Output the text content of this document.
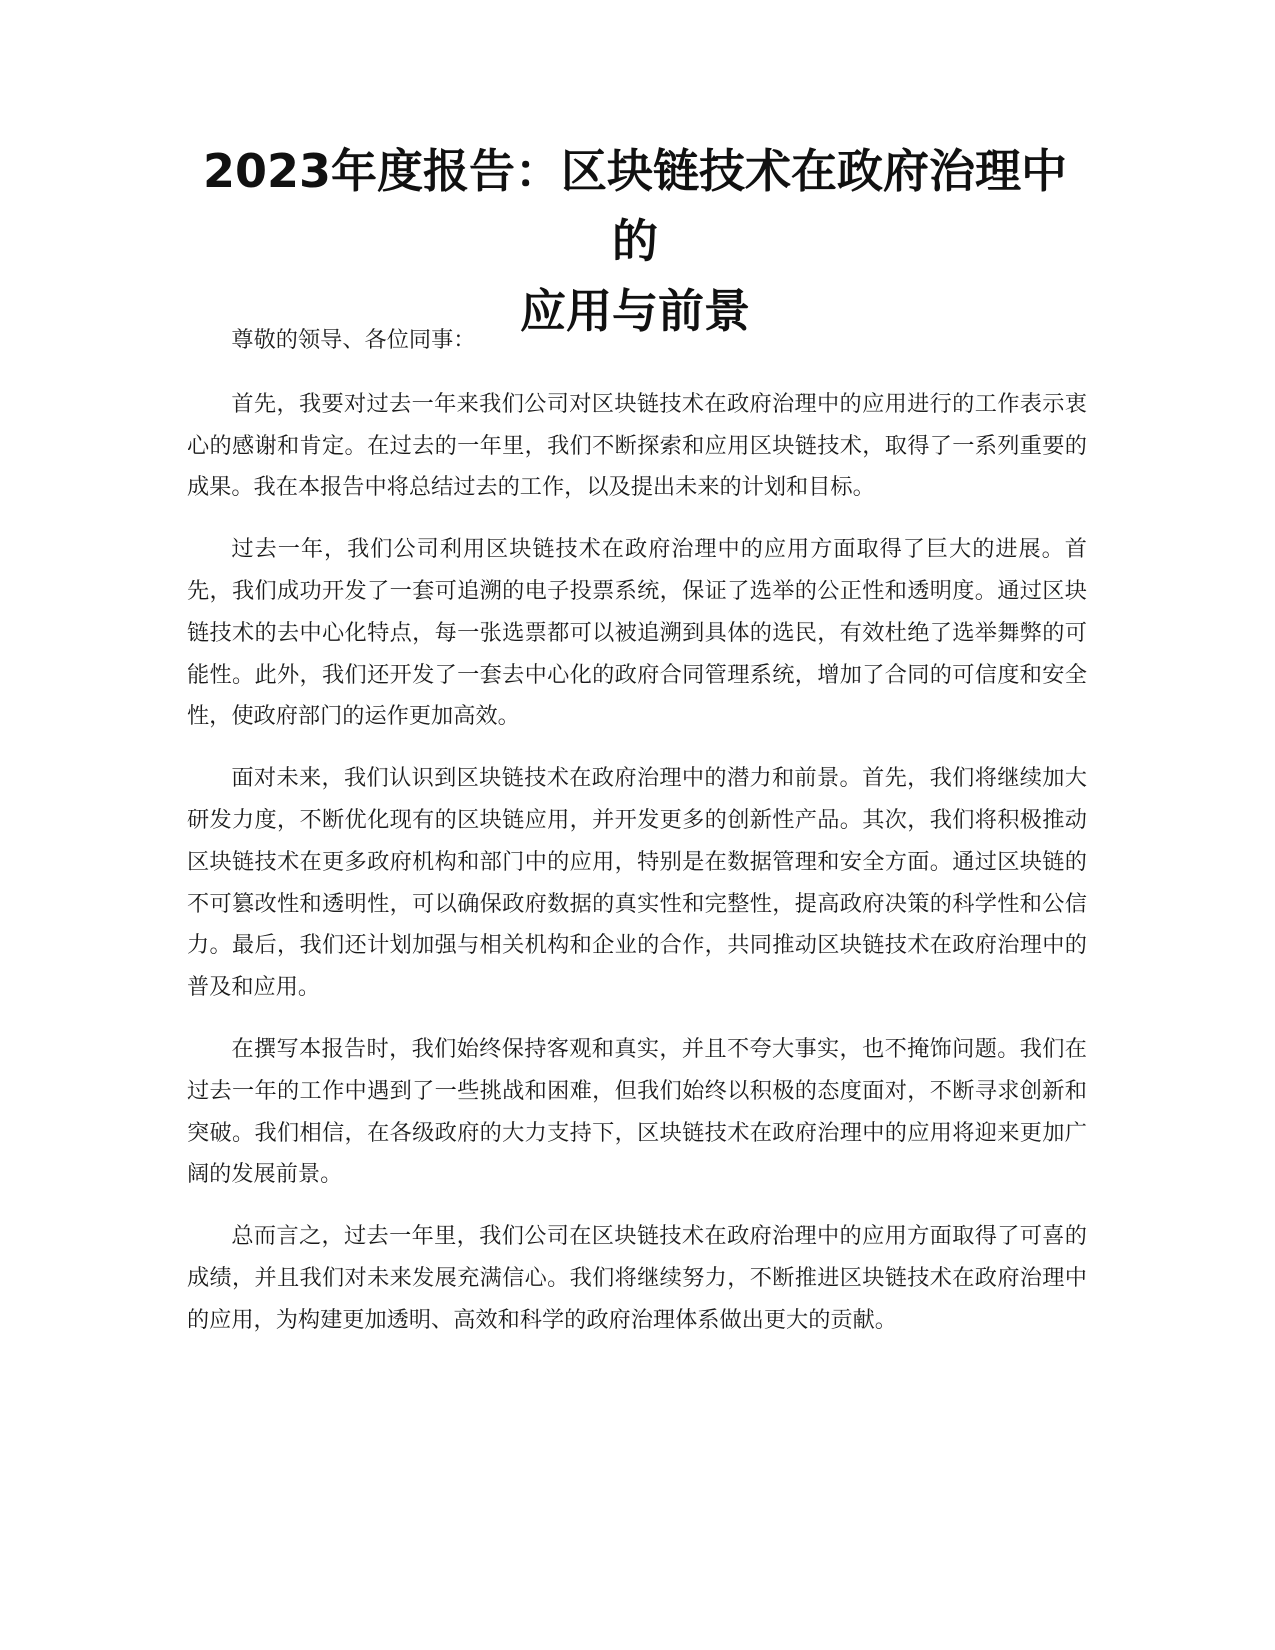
2023年度报告：区块链技术在政府治理中的
应用与前景

尊敬的领导、各位同事：

首先，我要对过去一年来我们公司对区块链技术在政府治理中的应用进行的工作表示衷心的感谢和肯定。在过去的一年里，我们不断探索和应用区块链技术，取得了一系列重要的成果。我在本报告中将总结过去的工作，以及提出未来的计划和目标。

过去一年，我们公司利用区块链技术在政府治理中的应用方面取得了巨大的进展。首先，我们成功开发了一套可追溯的电子投票系统，保证了选举的公正性和透明度。通过区块链技术的去中心化特点，每一张选票都可以被追溯到具体的选民，有效杜绝了选举舞弊的可能性。此外，我们还开发了一套去中心化的政府合同管理系统，增加了合同的可信度和安全性，使政府部门的运作更加高效。

面对未来，我们认识到区块链技术在政府治理中的潜力和前景。首先，我们将继续加大研发力度，不断优化现有的区块链应用，并开发更多的创新性产品。其次，我们将积极推动区块链技术在更多政府机构和部门中的应用，特别是在数据管理和安全方面。通过区块链的不可篡改性和透明性，可以确保政府数据的真实性和完整性，提高政府决策的科学性和公信力。最后，我们还计划加强与相关机构和企业的合作，共同推动区块链技术在政府治理中的普及和应用。

在撰写本报告时，我们始终保持客观和真实，并且不夸大事实，也不掩饰问题。我们在过去一年的工作中遇到了一些挑战和困难，但我们始终以积极的态度面对，不断寻求创新和突破。我们相信，在各级政府的大力支持下，区块链技术在政府治理中的应用将迎来更加广阔的发展前景。

总而言之，过去一年里，我们公司在区块链技术在政府治理中的应用方面取得了可喜的成绩，并且我们对未来发展充满信心。我们将继续努力，不断推进区块链技术在政府治理中的应用，为构建更加透明、高效和科学的政府治理体系做出更大的贡献。
